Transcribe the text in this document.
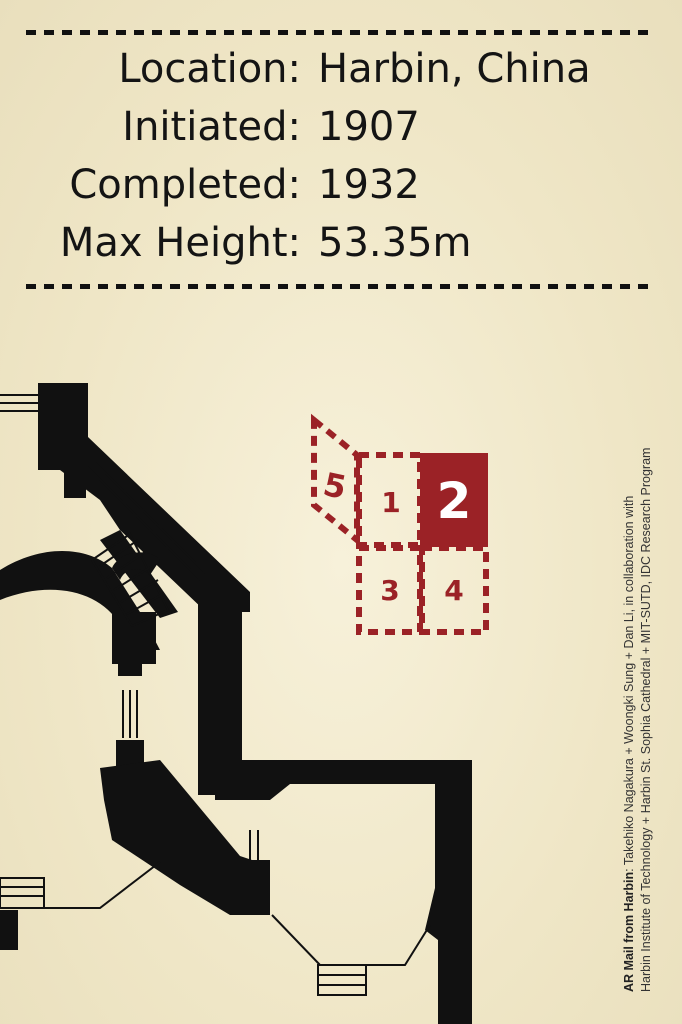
Location: Harbin, China
Initiated: 1907
Completed: 1932
Max Height: 53.35m
5 1 2
3 4
AR Mail from Harbin: Takehiko Nagakura + Woongki Sung + Dan Li, in collaboration with Harbin Institute of Technology + Harbin St. Sophia Cathedral + MIT-SUTD, IDC Research Program
